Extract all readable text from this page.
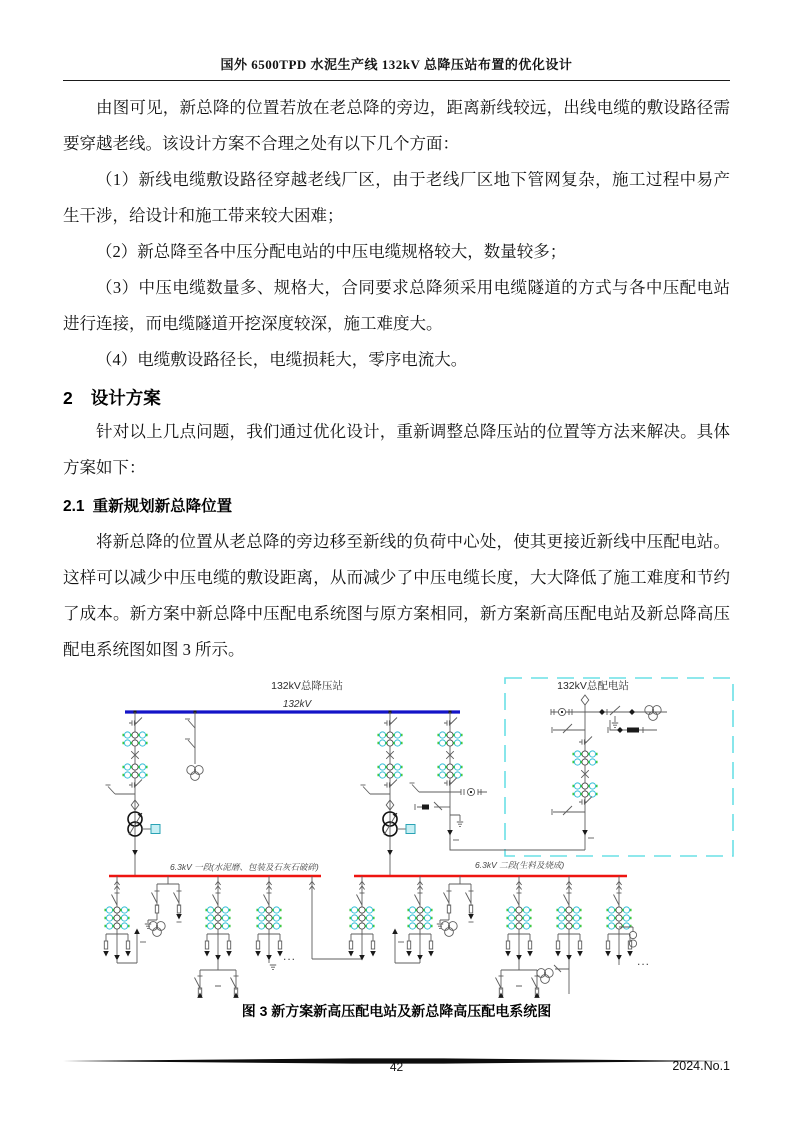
国外 6500TPD 水泥生产线 132kV 总降压站布置的优化设计

由图可见，新总降的位置若放在老总降的旁边，距离新线较远，出线电缆的敷设路径需要穿越老线。该设计方案不合理之处有以下几个方面：

（1）新线电缆敷设路径穿越老线厂区，由于老线厂区地下管网复杂，施工过程中易产生干涉，给设计和施工带来较大困难；

（2）新总降至各中压分配电站的中压电缆规格较大，数量较多；

（3）中压电缆数量多、规格大，合同要求总降须采用电缆隧道的方式与各中压配电站进行连接，而电缆隧道开挖深度较深，施工难度大。

（4）电缆敷设路径长，电缆损耗大，零序电流大。

2 设计方案

针对以上几点问题，我们通过优化设计，重新调整总降压站的位置等方法来解决。具体方案如下：

2.1 重新规划新总降位置

将新总降的位置从老总降的旁边移至新线的负荷中心处，使其更接近新线中压配电站。这样可以减少中压电缆的敷设距离，从而减少了中压电缆长度，大大降低了施工难度和节约了成本。新方案中新总降中压配电系统图与原方案相同，新方案新高压配电站及新总降高压配电系统图如图 3 所示。

132kV总降压站
132kV
132kV总配电站
6.3kV 一段(水泥磨、包装及石灰石破碎)	6.3kV 二段(生料及烧成)
...	...
图 3 新方案新高压配电站及新总降高压配电系统图
42	2024.No.1
